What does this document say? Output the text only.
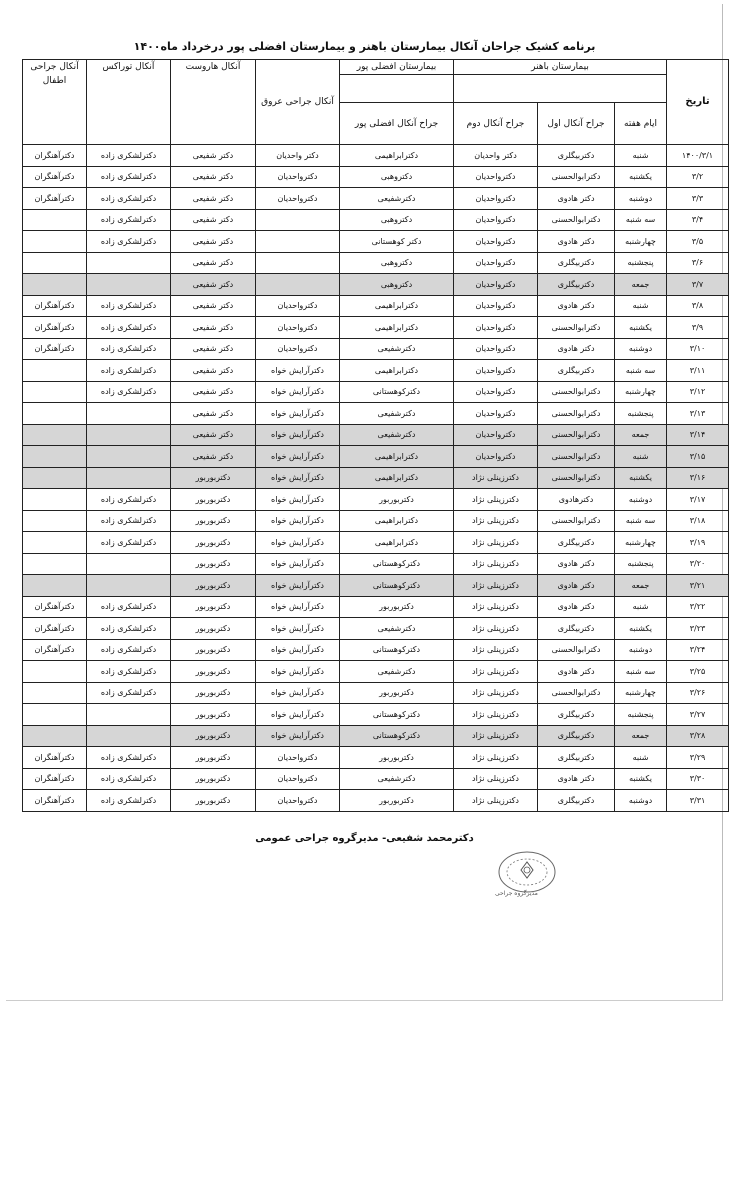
برنامه کشیک جراحان آنکال بیمارستان باهنر و بیمارستان افضلی پور درخرداد ماه۱۴۰۰
تاریخ	بیمارستان باهنر			بیمارستان افضلی پور	آنکال جراحی عروق	آنکال هاروست	آنکال توراکس	آنکال جراحی اطفال

	ایام هفته	جراح آنکال اول	جراح آنکال دوم	جراح آنکال افضلی پور				
۱۴۰۰/۳/۱	شنبه	دکتربیگلری	دکتر واحدیان	دکترابراهیمی	دکتر واحدیان	دکتر شفیعی	دکترلشکری زاده	دکترآهنگران
۳/۲	یکشنبه	دکترابوالحسنی	دکترواحدیان	دکتروهبی	دکترواحدیان	دکتر شفیعی	دکترلشکری زاده	دکترآهنگران
۳/۳	دوشنبه	دکتر هادوی	دکترواحدیان	دکترشفیعی	دکترواحدیان	دکتر شفیعی	دکترلشکری زاده	دکترآهنگران
۳/۴	سه شنبه	دکترابوالحسنی	دکترواحدیان	دکتروهبی		دکتر شفیعی	دکترلشکری زاده	
۳/۵	چهارشنبه	دکتر هادوی	دکترواحدیان	دکتر کوهستانی		دکتر شفیعی	دکترلشکری زاده	
۳/۶	پنجشنبه	دکتربیگلری	دکترواحدیان	دکتروهبی		دکتر شفیعی		
۳/۷	جمعه	دکتربیگلری	دکترواحدیان	دکتروهبی		دکتر شفیعی		
۳/۸	شنبه	دکتر هادوی	دکترواحدیان	دکترابراهیمی	دکترواحدیان	دکتر شفیعی	دکترلشکری زاده	دکترآهنگران
۳/۹	یکشنبه	دکترابوالحسنی	دکترواحدیان	دکترابراهیمی	دکترواحدیان	دکتر شفیعی	دکترلشکری زاده	دکترآهنگران
۳/۱۰	دوشنبه	دکتر هادوی	دکترواحدیان	دکترشفیعی	دکترواحدیان	دکتر شفیعی	دکترلشکری زاده	دکترآهنگران
۳/۱۱	سه شنبه	دکتربیگلری	دکترواحدیان	دکترابراهیمی	دکترآرایش خواه	دکتر شفیعی	دکترلشکری زاده	
۳/۱۲	چهارشنبه	دکترابوالحسنی	دکترواحدیان	دکترکوهستانی	دکترآرایش خواه	دکتر شفیعی	دکترلشکری زاده	
۳/۱۳	پنجشنبه	دکترابوالحسنی	دکترواحدیان	دکترشفیعی	دکترآرایش خواه	دکتر شفیعی		
۳/۱۴	جمعه	دکترابوالحسنی	دکترواحدیان	دکترشفیعی	دکترآرایش خواه	دکتر شفیعی		
۳/۱۵	شنبه	دکترابوالحسنی	دکترواحدیان	دکترابراهیمی	دکترآرایش خواه	دکتر شفیعی		
۳/۱۶	یکشنبه	دکترابوالحسنی	دکترزینلی نژاد	دکترابراهیمی	دکترآرایش خواه	دکتربوربور		
۳/۱۷	دوشنبه	دکترهادوی	دکترزینلی نژاد	دکتربوربور	دکترآرایش خواه	دکتربوربور	دکترلشکری زاده	
۳/۱۸	سه شنبه	دکترابوالحسنی	دکترزینلی نژاد	دکترابراهیمی	دکترآرایش خواه	دکتربوربور	دکترلشکری زاده	
۳/۱۹	چهارشنبه	دکتربیگلری	دکترزینلی نژاد	دکترابراهیمی	دکترآرایش خواه	دکتربوربور	دکترلشکری زاده	
۳/۲۰	پنجشنبه	دکتر هادوی	دکترزینلی نژاد	دکترکوهستانی	دکترآرایش خواه	دکتربوربور		
۳/۲۱	جمعه	دکتر هادوی	دکترزینلی نژاد	دکترکوهستانی	دکترآرایش خواه	دکتربوربور		
۳/۲۲	شنبه	دکتر هادوی	دکترزینلی نژاد	دکتربوربور	دکترآرایش خواه	دکتربوربور	دکترلشکری زاده	دکترآهنگران
۳/۲۳	یکشنبه	دکتربیگلری	دکترزینلی نژاد	دکترشفیعی	دکترآرایش خواه	دکتربوربور	دکترلشکری زاده	دکترآهنگران
۳/۲۴	دوشنبه	دکترابوالحسنی	دکترزینلی نژاد	دکترکوهستانی	دکترآرایش خواه	دکتربوربور	دکترلشکری زاده	دکترآهنگران
۳/۲۵	سه شنبه	دکتر هادوی	دکترزینلی نژاد	دکترشفیعی	دکترآرایش خواه	دکتربوربور	دکترلشکری زاده	
۳/۲۶	چهارشنبه	دکترابوالحسنی	دکترزینلی نژاد	دکتربوربور	دکترآرایش خواه	دکتربوربور	دکترلشکری زاده	
۳/۲۷	پنجشنبه	دکتربیگلری	دکترزینلی نژاد	دکترکوهستانی	دکترآرایش خواه	دکتربوربور		
۳/۲۸	جمعه	دکتربیگلری	دکترزینلی نژاد	دکترکوهستانی	دکترآرایش خواه	دکتربوربور		
۳/۲۹	شنبه	دکتربیگلری	دکترزینلی نژاد	دکتربوربور	دکترواحدیان	دکتربوربور	دکترلشکری زاده	دکترآهنگران
۳/۳۰	یکشنبه	دکتر هادوی	دکترزینلی نژاد	دکترشفیعی	دکترواحدیان	دکتربوربور	دکترلشکری زاده	دکترآهنگران
۳/۳۱	دوشنبه	دکتربیگلری	دکترزینلی نژاد	دکتربوربور	دکترواحدیان	دکتربوربور	دکترلشکری زاده	دکترآهنگران
دکترمحمد شفیعی- مدیرگروه جراحی عمومی
مدیرگروه جراحی
